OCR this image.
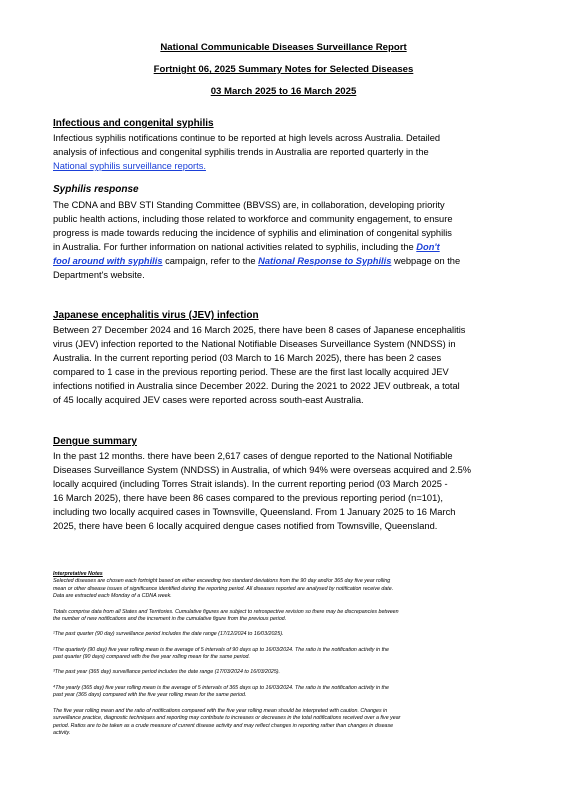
National Communicable Diseases Surveillance Report
Fortnight 06, 2025 Summary Notes for Selected Diseases
03 March 2025 to 16 March 2025
Infectious and congenital syphilis
Infectious syphilis notifications continue to be reported at high levels across Australia. Detailed
analysis of infectious and congenital syphilis trends in Australia are reported quarterly in the
National syphilis surveillance reports.
Syphilis response
The CDNA and BBV STI Standing Committee (BBVSS) are, in collaboration, developing priority
public health actions, including those related to workforce and community engagement, to ensure
progress is made towards reducing the incidence of syphilis and elimination of congenital syphilis
in Australia. For further information on national activities related to syphilis, including the Don't
fool around with syphilis campaign, refer to the National Response to Syphilis webpage on the
Department's website.
Japanese encephalitis virus (JEV) infection
Between 27 December 2024 and 16 March 2025, there have been 8 cases of Japanese encephalitis
virus (JEV) infection reported to the National Notifiable Diseases Surveillance System (NNDSS) in
Australia. In the current reporting period (03 March to 16 March 2025), there has been 2 cases
compared to 1 case in the previous reporting period. These are the first last locally acquired JEV
infections notified in Australia since December 2022. During the 2021 to 2022 JEV outbreak, a total
of 45 locally acquired JEV cases were reported across south-east Australia.
Dengue summary
In the past 12 months. there have been 2,617 cases of dengue reported to the National Notifiable
Diseases Surveillance System (NNDSS) in Australia, of which 94% were overseas acquired and 2.5%
locally acquired (including Torres Strait islands). In the current reporting period (03 March 2025 -
16 March 2025), there have been 86 cases compared to the previous reporting period (n=101),
including two locally acquired cases in Townsville, Queensland. From 1 January 2025 to 16 March
2025, there have been 6 locally acquired dengue cases notified from Townsville, Queensland.
Interpretative Notes
Selected diseases are chosen each fortnight based on either exceeding two standard deviations from the 90 day and/or 365 day five year rolling
mean or other disease issues of significance identified during the reporting period. All diseases reported are analysed by notification receive date.
Data are extracted each Monday of a CDNA week.
Totals comprise data from all States and Territories. Cumulative figures are subject to retrospective revision so there may be discrepancies between
the number of new notifications and the increment in the cumulative figure from the previous period.
¹The past quarter (90 day) surveillance period includes the date range (17/12/2024 to 16/03/2025).
²The quarterly (90 day) five year rolling mean is the average of 5 intervals of 90 days up to 16/03/2024. The ratio is the notification activity in the
past quarter (90 days) compared with the five year rolling mean for the same period.
³The past year (365 day) surveillance period includes the date range (17/03/2024 to 16/03/2025).
⁴The yearly (365 day) five year rolling mean is the average of 5 intervals of 365 days up to 16/03/2024. The ratio is the notification activity in the
past year (365 days) compared with the five year rolling mean for the same period.
The five year rolling mean and the ratio of notifications compared with the five year rolling mean should be interpreted with caution. Changes in
surveillance practice, diagnostic techniques and reporting may contribute to increases or decreases in the total notifications received over a five year
period. Ratios are to be taken as a crude measure of current disease activity and may reflect changes in reporting rather than changes in disease
activity.
